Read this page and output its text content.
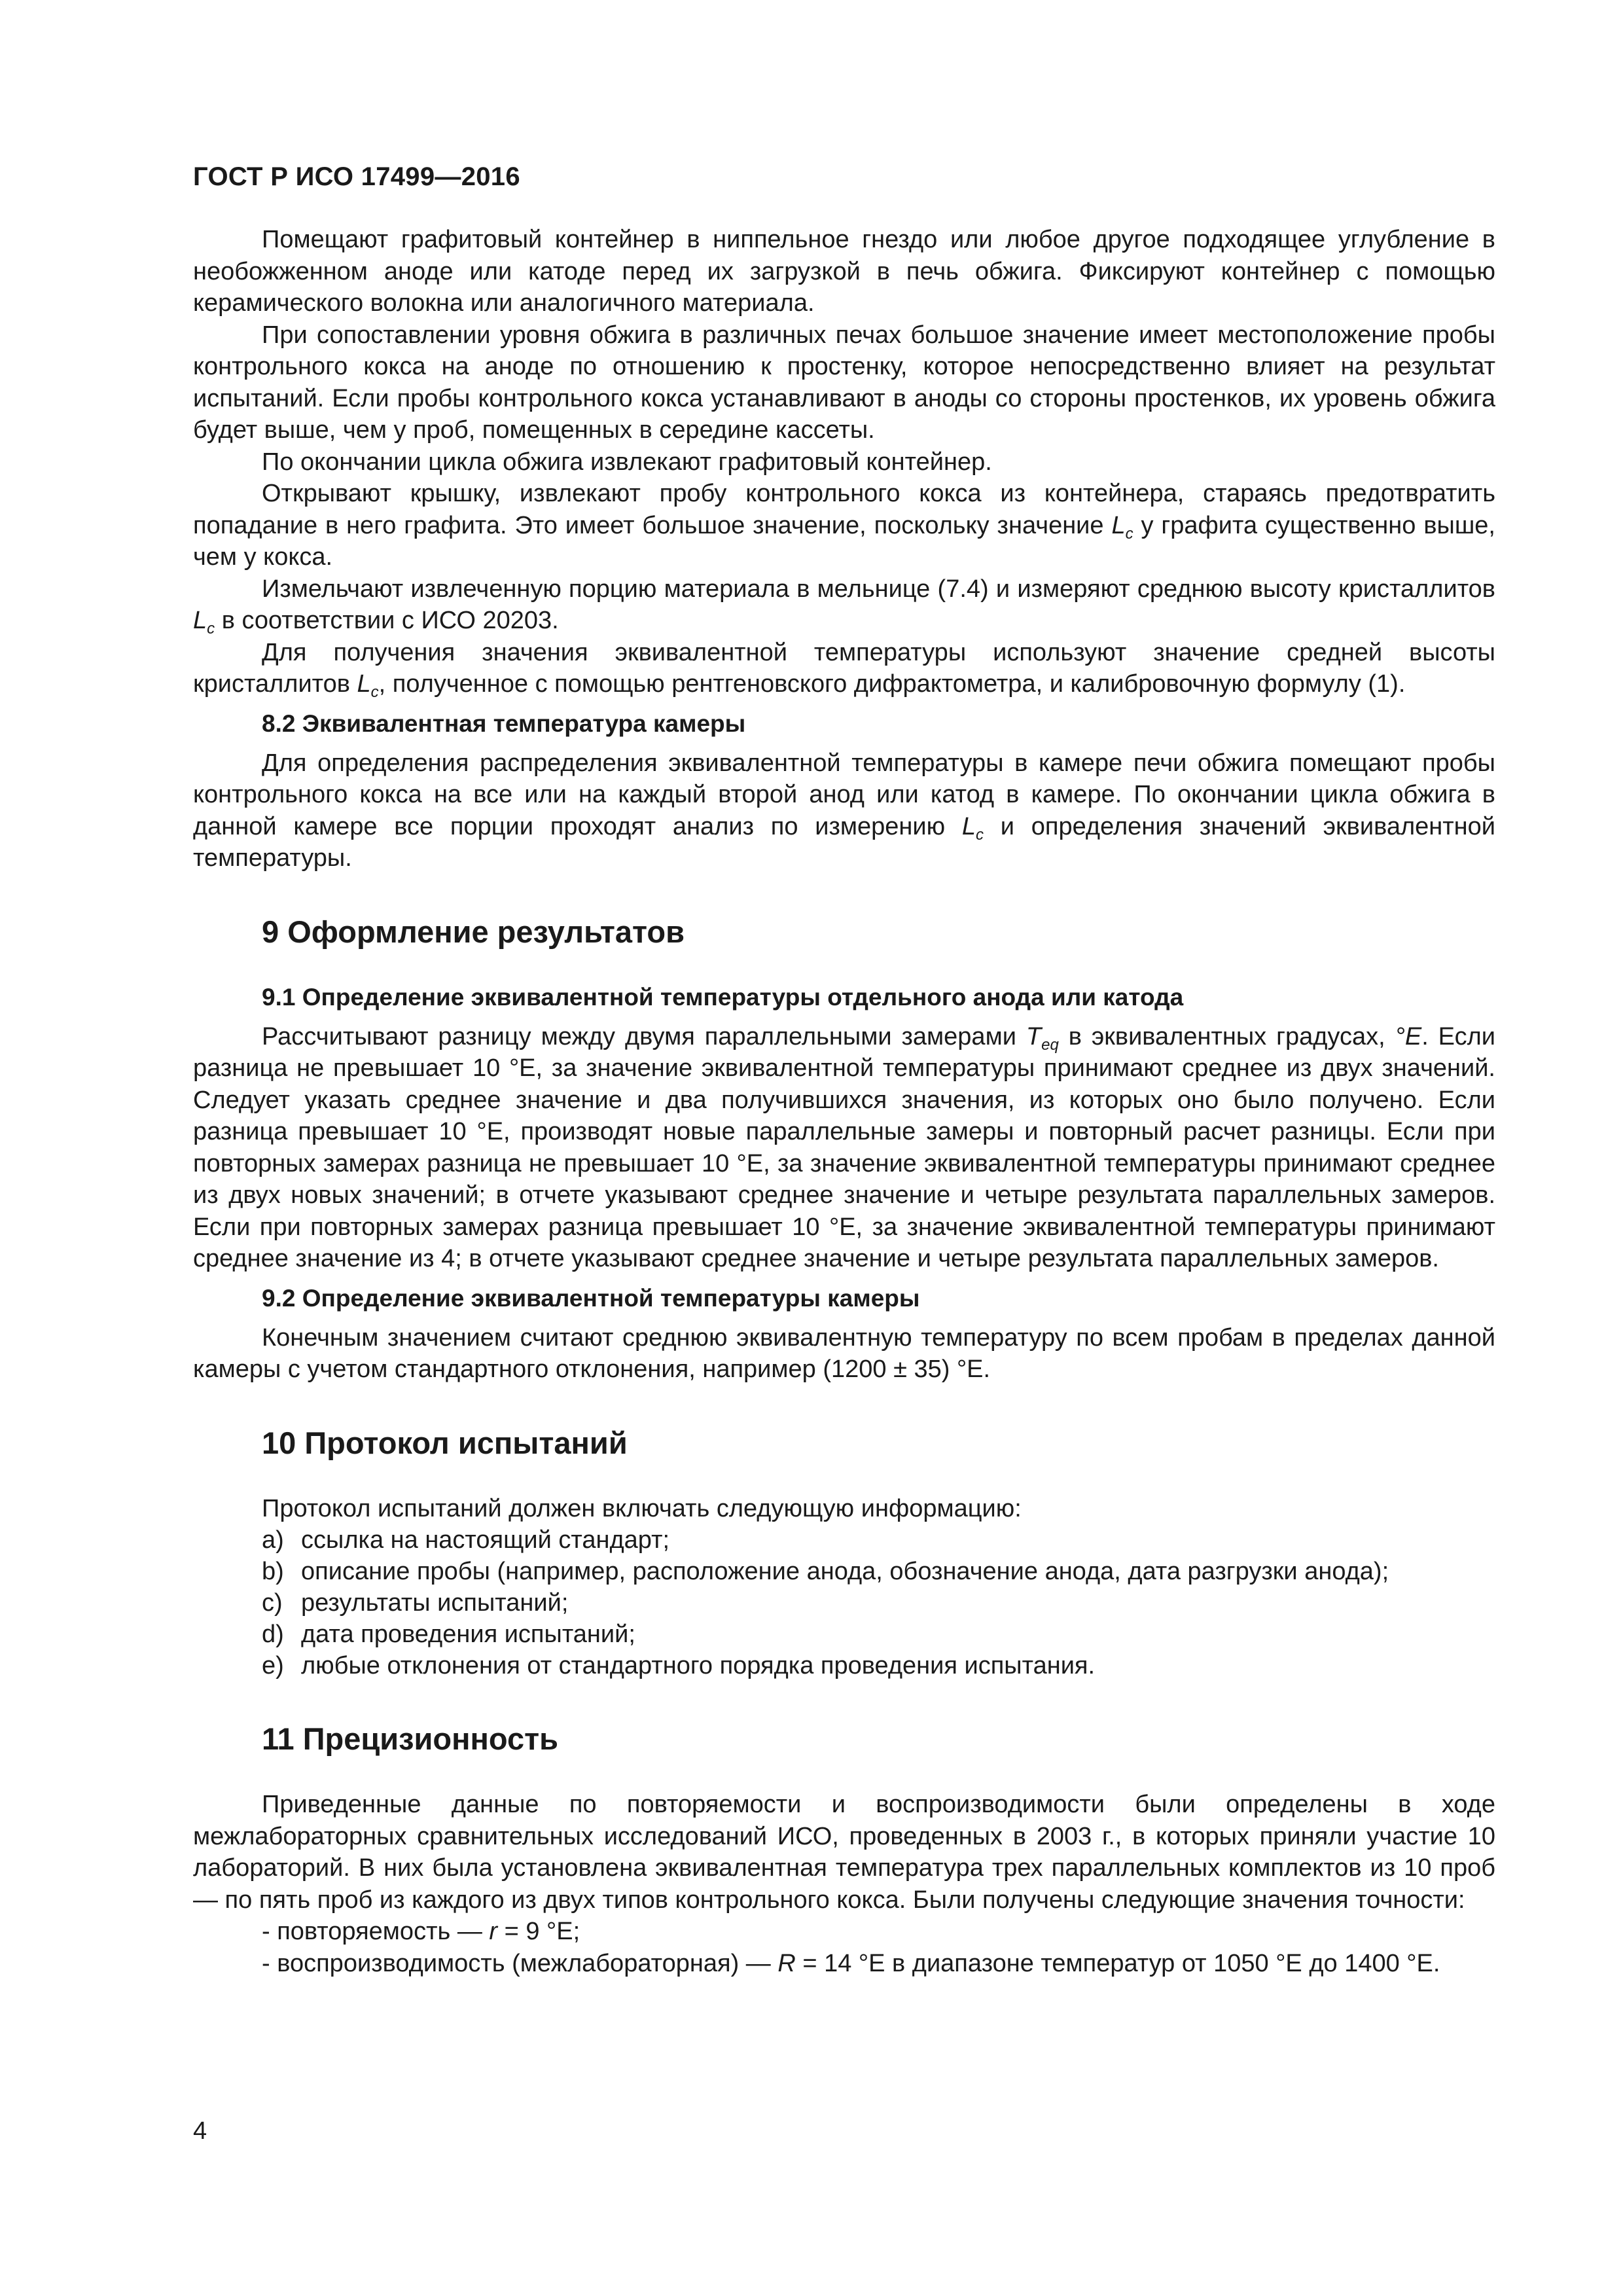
ГОСТ Р ИСО 17499—2016

Помещают графитовый контейнер в ниппельное гнездо или любое другое подходящее углубление в необожженном аноде или катоде перед их загрузкой в печь обжига. Фиксируют контейнер с помощью керамического волокна или аналогичного материала.

При сопоставлении уровня обжига в различных печах большое значение имеет местоположение пробы контрольного кокса на аноде по отношению к простенку, которое непосредственно влияет на результат испытаний. Если пробы контрольного кокса устанавливают в аноды со стороны простенков, их уровень обжига будет выше, чем у проб, помещенных в середине кассеты.

По окончании цикла обжига извлекают графитовый контейнер.

Открывают крышку, извлекают пробу контрольного кокса из контейнера, стараясь предотвратить попадание в него графита. Это имеет большое значение, поскольку значение $L_c$ у графита существенно выше, чем у кокса.

Измельчают извлеченную порцию материала в мельнице (7.4) и измеряют среднюю высоту кристаллитов $L_c$ в соответствии с ИСО 20203.

Для получения значения эквивалентной температуры используют значение средней высоты кристаллитов $L_c$, полученное с помощью рентгеновского дифрактометра, и калибровочную формулу (1).

8.2 Эквивалентная температура камеры

Для определения распределения эквивалентной температуры в камере печи обжига помещают пробы контрольного кокса на все или на каждый второй анод или катод в камере. По окончании цикла обжига в данной камере все порции проходят анализ по измерению $L_c$ и определения значений эквивалентной температуры.

9 Оформление результатов
9.1 Определение эквивалентной температуры отдельного анода или катода

Рассчитывают разницу между двумя параллельными замерами $T_{eq}$ в эквивалентных градусах, °E. Если разница не превышает 10 °E, за значение эквивалентной температуры принимают среднее из двух значений. Следует указать среднее значение и два получившихся значения, из которых оно было получено. Если разница превышает 10 °E, производят новые параллельные замеры и повторный расчет разницы. Если при повторных замерах разница не превышает 10 °E, за значение эквивалентной температуры принимают среднее из двух новых значений; в отчете указывают среднее значение и четыре результата параллельных замеров. Если при повторных замерах разница превышает 10 °E, за значение эквивалентной температуры принимают среднее значение из 4; в отчете указывают среднее значение и четыре результата параллельных замеров.

9.2 Определение эквивалентной температуры камеры

Конечным значением считают среднюю эквивалентную температуру по всем пробам в пределах данной камеры с учетом стандартного отклонения, например (1200 ± 35) °E.

10 Протокол испытаний

Протокол испытаний должен включать следующую информацию:

a) ссылка на настоящий стандарт;
b) описание пробы (например, расположение анода, обозначение анода, дата разгрузки анода);
c) результаты испытаний;
d) дата проведения испытаний;
e) любые отклонения от стандартного порядка проведения испытания.
11 Прецизионность

Приведенные данные по повторяемости и воспроизводимости были определены в ходе межлабораторных сравнительных исследований ИСО, проведенных в 2003 г., в которых приняли участие 10 лабораторий. В них была установлена эквивалентная температура трех параллельных комплектов из 10 проб — по пять проб из каждого из двух типов контрольного кокса. Были получены следующие значения точности:

- повторяемость — r = 9 °E;

- воспроизводимость (межлабораторная) — R = 14 °E в диапазоне температур от 1050 °E до 1400 °E.

4
